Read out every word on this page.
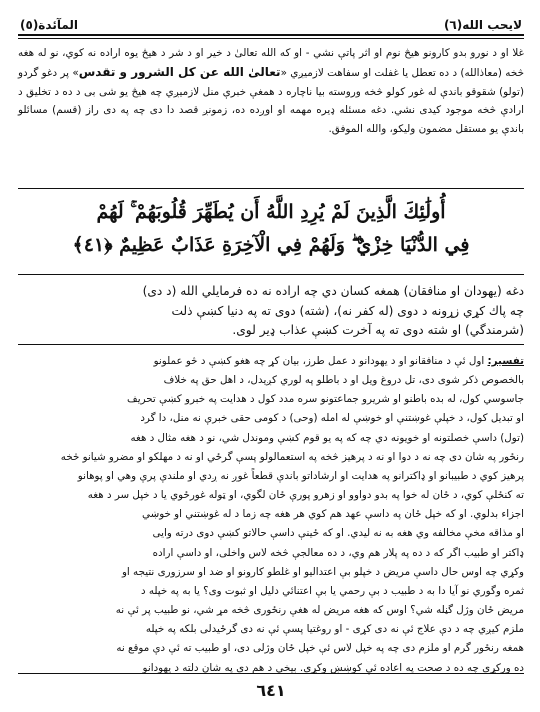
لايحب الله(٦)
المآئدة(٥)
غلا او د نورو بدو كارونو هيڅ نوم او اثر پاتې نشي - او كه الله تعالىٰ د خير او د شر د هيڅ يوه اراده نه كوي، نو له هغه څخه (معاذالله) د ده تعطل يا غفلت او سفاهت لازميږي «تعالىٰ الله عن كل الشرور و تقدس» پر دغو گردو (تولو) شقوقو باندې له غور كولو څخه وروسته بيا ناچاره د همغې خبرې منل لازميږي چه هيڅ يو شى بى د ده د تخليق د ارادې څخه موجود كيدى نشي. دغه مسئله ډيره مهمه او اوږده ده، زمونږ قصد دا دى چه په دى راز (قسم) مسائلو باندې يو مستقل مضمون وليكو، والله الموفق.
أُولَٰئِكَ الَّذِينَ لَمْ يُرِدِ اللَّهُ أَن يُطَهِّرَ قُلُوبَهُمْ ۚ لَهُمْ
فِي الدُّنْيَا خِزْيٌ ۖ وَلَهُمْ فِي الْآخِرَةِ عَذَابٌ عَظِيمٌ ﴿٤١﴾
دغه (يهودان او منافقان) همغه كسان دي چه اراده نه ده فرمايلي الله (د دى)
چه پاك كړي زړونه د دوى (له كفر نه)، (شته) دوى ته په دنيا كښې ذلت
(شرمندگي) او شته دوى ته په آخرت كښې عذاب ډير لوى.
تفسير: اول ئې د منافقانو او د يهودانو د عمل طرز، بيان كړ چه هغو كښې د څو عملونو
بالخصوص ذكر شوى دى، تل دروغ ويل او د باطلو په لوري كږيدل، د اهل حق په خلاف
جاسوسي كول، له بده باطنو او شريرو جماعتونو سره مدد كول د هدايت په خبرو كښې تحريف
او تبديل كول، د خپلې غوښتنې او خوښې له امله (وحى) د كومى حقى خبرې نه منل، دا گرد
(تول) داسې خصلتونه او خويونه دي چه كه په يو قوم كښې وموندل شي، نو د هغه مثال د هغه
رنځور په شان دى چه نه د دوا او نه د پرهيز څخه په استعمالولو پسې گرځي او نه د مهلكو او مضرو شيانو څخه
پرهيز كوي د طبيبانو او ډاكترانو په هدايت او ارشاداتو باندې قطعاً غوږ نه ږدي او ملندې پرې وهي او پوهانو
ته كنځلې كوي، د ځان له خوا په بدو دواوو او زهرو پورې ځان لگوي، او ټوله غورځوي يا د خپل سر د هغه
اجزاء بدلوي. او كه خپل ځان په داسې عهد هم كوي هر هغه چه زما د له غوښتني او خوښي
او مذاقه مخې مخالفه وي هغه به نه ليدي. او كه ځينې داسې حالاتو كښې دوى درته وايى
ډاكتر او طبيب اگر كه د ده په پلار هم وي، د ده معالجې څخه لاس واخلى، او داسې اراده
وكړي چه اوس حال داسې مريض د خپلو بې اعتداليو او غلطو كارونو او ضد او سرزورى نتيجه او
ثمره وگوري نو آيا دا به د طبيب د بې رحمي يا بې اعتنائي دليل او ثبوت وى؟ يا به په خپله د
مريض ځان وژل گڼله شي؟ اوس كه هغه مريض له هغې رنځورى څخه مړ شي، نو طبيب پر ئې نه
ملزم كيږي چه د دې علاج ئې نه دى كړى - او روغتيا پسې ئې نه دى گرځيدلى بلكه په خپله
همغه رنځور گرم او ملزم دى چه په خپل لاس ئې خپل ځان وژلى دى، او طبيب ته ئې دې موقع نه
ده وركړى چه ده د صحت په اعاده ئې كوښښ وكړى. بيخي د هم دى په شان دلته د يهودانو
٦٤١
